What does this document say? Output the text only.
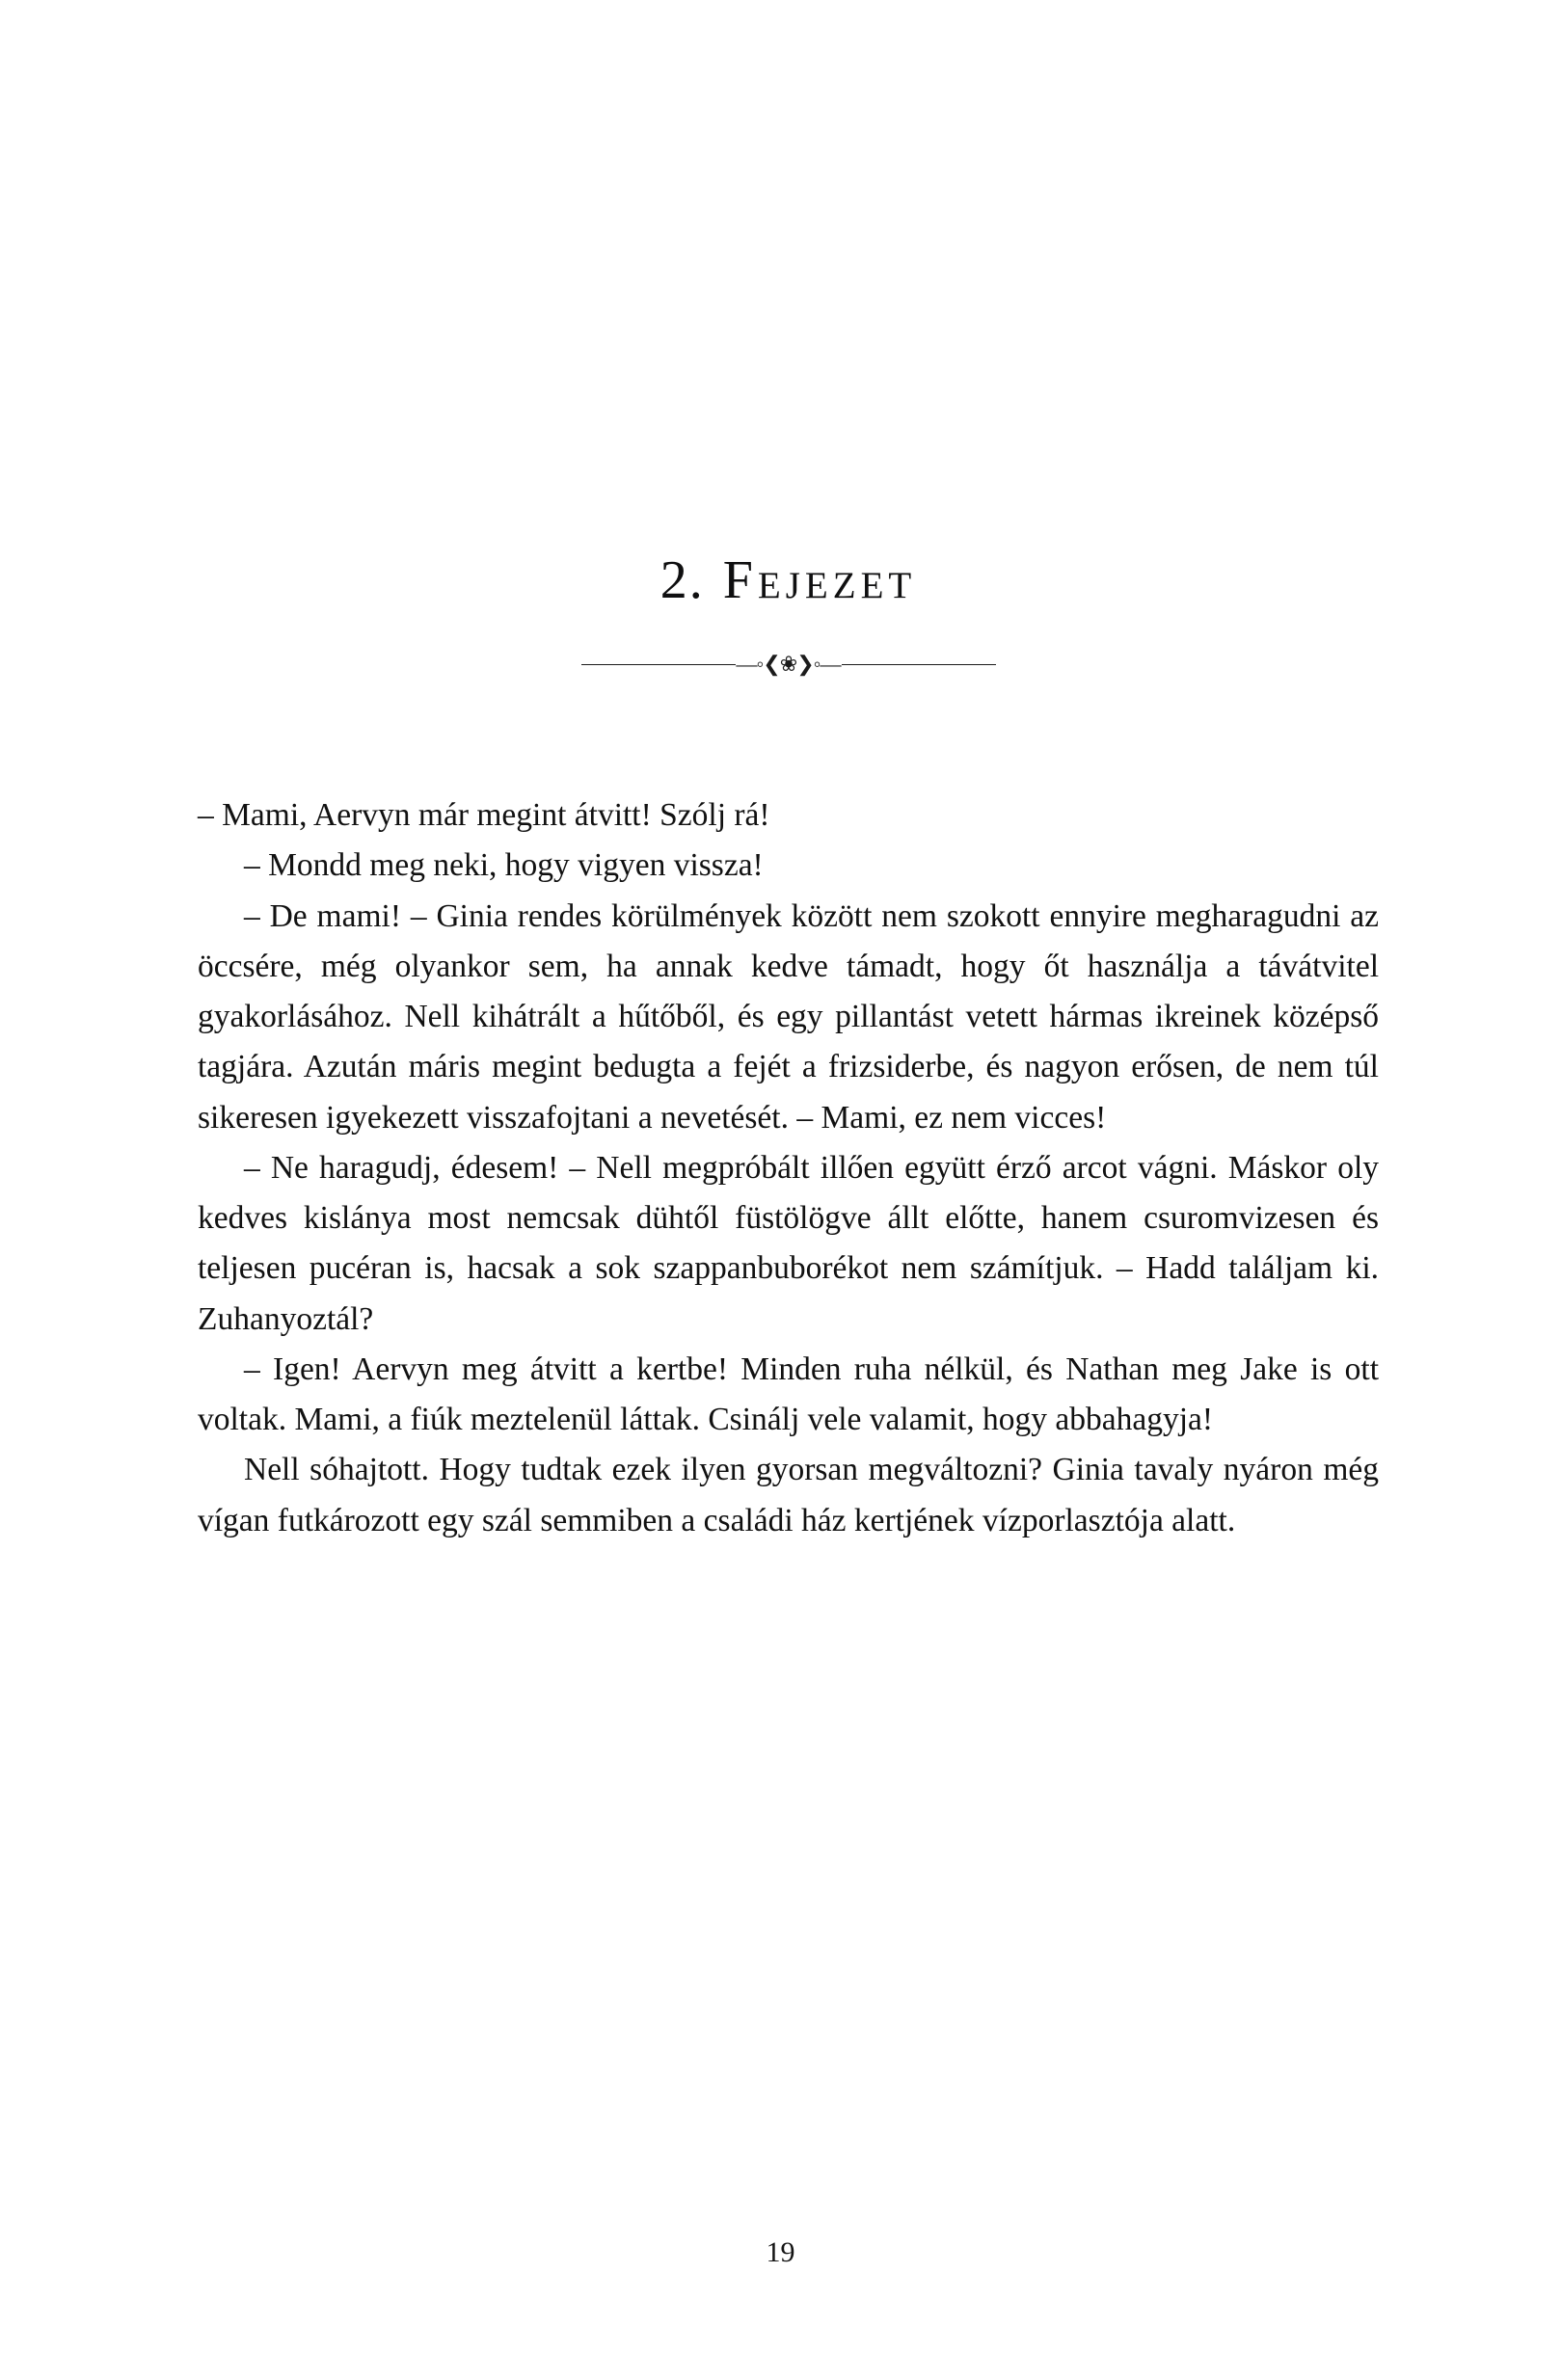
2. Fejezet
—◦❮❀❯◦—

– Mami, Aervyn már megint átvitt! Szólj rá!

– Mondd meg neki, hogy vigyen vissza!

– De mami! – Ginia rendes körülmények között nem szokott ennyire megharagudni az öccsére, még olyankor sem, ha annak kedve támadt, hogy őt használja a távátvitel gyakorlásához. Nell kihátrált a hűtőből, és egy pillantást vetett hármas ikreinek középső tagjára. Azután máris megint bedugta a fejét a frizsiderbe, és nagyon erősen, de nem túl sikeresen igyekezett visszafojtani a nevetését. – Mami, ez nem vicces!

– Ne haragudj, édesem! – Nell megpróbált illően együtt érző arcot vágni. Máskor oly kedves kislánya most nemcsak dühtől füstölögve állt előtte, hanem csuromvizesen és teljesen pucéran is, hacsak a sok szappanbuborékot nem számítjuk. – Hadd találjam ki. Zuhanyoztál?

– Igen! Aervyn meg átvitt a kertbe! Minden ruha nélkül, és Nathan meg Jake is ott voltak. Mami, a fiúk meztelenül láttak. Csinálj vele valamit, hogy abbahagyja!

Nell sóhajtott. Hogy tudtak ezek ilyen gyorsan megváltozni? Ginia tavaly nyáron még vígan futkározott egy szál semmiben a családi ház kertjének vízporlasztója alatt.

19
